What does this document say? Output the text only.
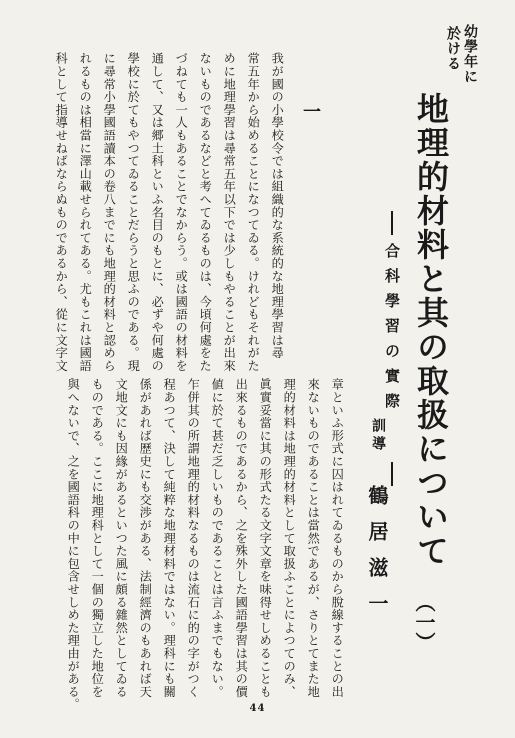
幼學年に
於ける
地理的材料と其の取扱について
（一）
合科學習の實際
訓導
鶴居滋一
一
我が國の小學校令では組織的な系統的な地理學習は尋
常五年から始めることになつてゐる。けれどもそれがた
めに地理學習は尋常五年以下では少しもやることが出來
ないものであるなどと考へてゐるものは、今頃何處をた
づねても一人もあることでなからう。或は國語の材料を
通して、又は郷土科といふ名目のもとに、必ずや何處の
學校に於てもやつてゐることだらうと思ふのである。現
に尋常小學國語讀本の卷八までにも地理的材料と認めら
れるものは相當に澤山載せられてある。尤もこれは國語
科として指導せねばならぬものであるから、從に文字文
章といふ形式に囚はれてゐるものから脫線することの出
來ないものであることは當然であるが、さりとてまた地
理的材料は地理的材料として取扱ふことによつてのみ、
眞實妥當に其の形式たる文字文章を味得せしめることも
出來るものであるから、之を殊外した國語學習は其の價
値に於て甚だ乏しいものであることは言ふまでもない。
乍併其の所謂地理的材料なるものは流石に的の字がつく
程あつて、決して純粹な地理材料ではない。理科にも關
係があれば歷史にも交渉がある、法制經濟のもあれば天
文地文にも因緣があるといつた風に頗る雜然としてゐる
ものである。ここに地理科として一個の獨立した地位を
與へないで、之を國語科の中に包含せしめた理由がある。	44
